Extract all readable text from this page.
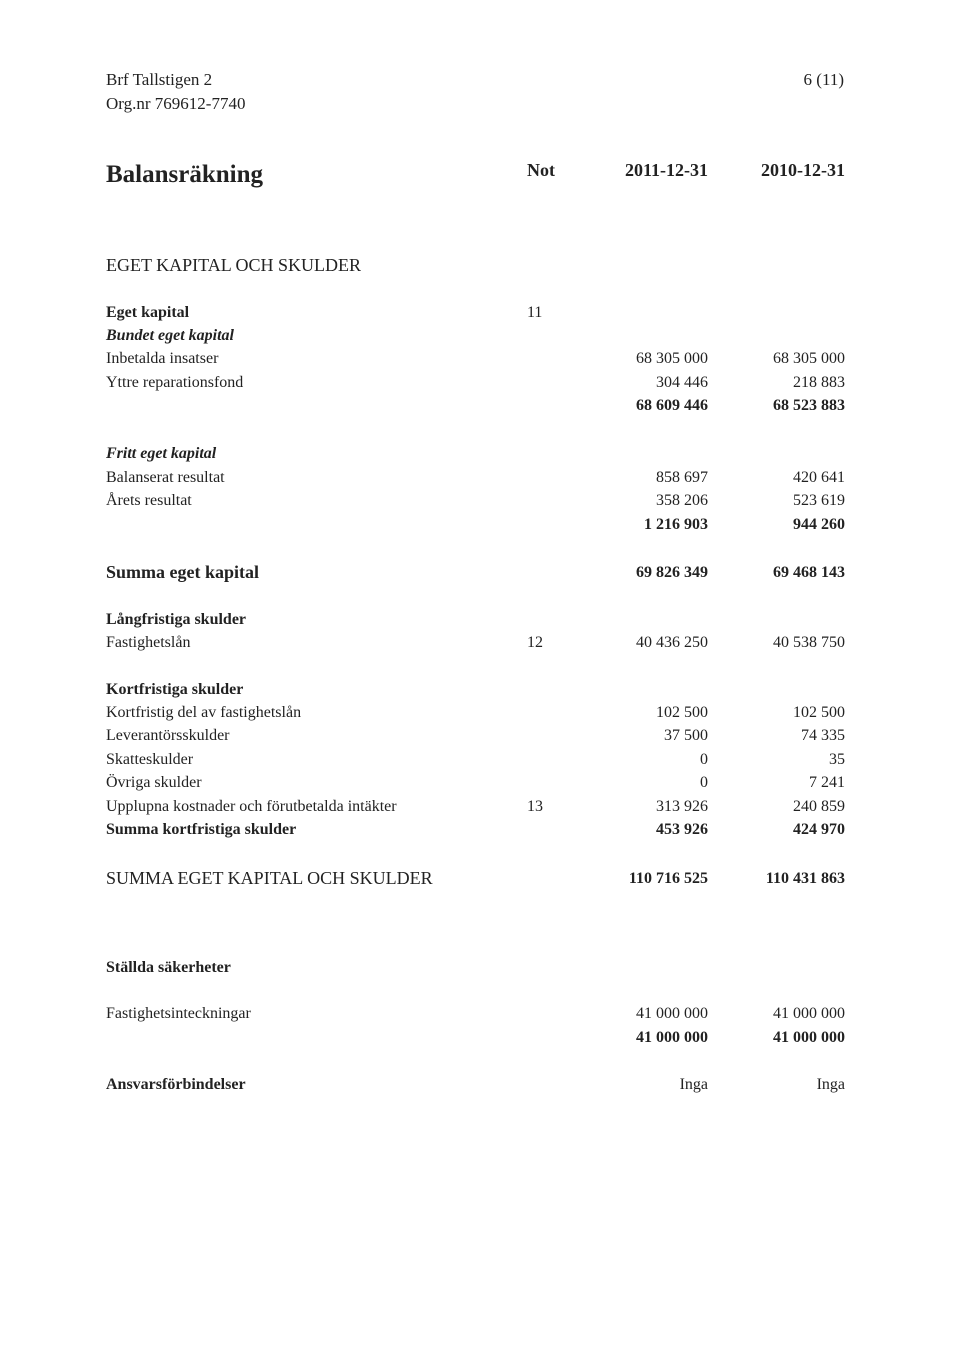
Brf Tallstigen 2
Org.nr 769612-7740
6 (11)
Balansräkning	Not	2011-12-31	2010-12-31
EGET KAPITAL OCH SKULDER
Eget kapital	11
Bundet eget kapital
Inbetalda insatser	68 305 000	68 305 000
Yttre reparationsfond	304 446	218 883
68 609 446	68 523 883
Fritt eget kapital
Balanserat resultat	858 697	420 641
Årets resultat	358 206	523 619
1 216 903	944 260
Summa eget kapital	69 826 349	69 468 143
Långfristiga skulder
Fastighetslån	12	40 436 250	40 538 750
Kortfristiga skulder
Kortfristig del av fastighetslån	102 500	102 500
Leverantörsskulder	37 500	74 335
Skatteskulder	0	35
Övriga skulder	0	7 241
Upplupna kostnader och förutbetalda intäkter	13	313 926	240 859
Summa kortfristiga skulder	453 926	424 970
SUMMA EGET KAPITAL OCH SKULDER	110 716 525	110 431 863
Ställda säkerheter
Fastighetsinteckningar	41 000 000	41 000 000
41 000 000	41 000 000
Ansvarsförbindelser	Inga	Inga
